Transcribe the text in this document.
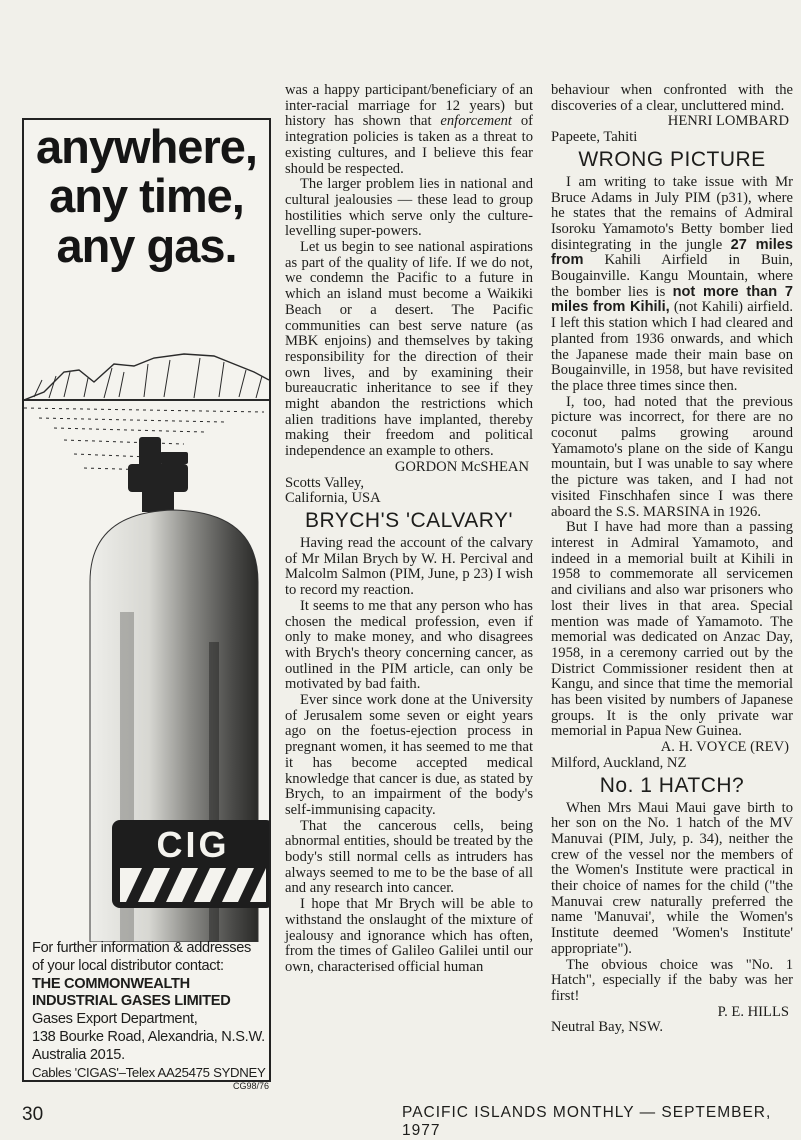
anywhere,
any time,
any gas.
CIG
For further information & addresses
of your local distributor contact:
THE COMMONWEALTH
INDUSTRIAL GASES LIMITED
Gases Export Department,
138 Bourke Road, Alexandria, N.S.W.
Australia 2015.
Cables 'CIGAS'–Telex AA25475 SYDNEY
CG98/76

was a happy participant/beneficiary of an inter-racial marriage for 12 years) but history has shown that enforcement of integration policies is taken as a threat to existing cultures, and I believe this fear should be respected.

The larger problem lies in national and cultural jealousies — these lead to group hostilities which serve only the culture-levelling super-powers.

Let us begin to see national aspirations as part of the quality of life. If we do not, we condemn the Pacific to a future in which an island must become a Waikiki Beach or a desert. The Pacific communities can best serve nature (as MBK enjoins) and themselves by taking responsibility for the direction of their own lives, and by examining their bureaucratic inheritance to see if they might abandon the restrictions which alien traditions have implanted, thereby making their freedom and political independence an example to others.

GORDON McSHEAN

Scotts Valley,

California, USA

BRYCH'S 'CALVARY'

Having read the account of the calvary of Mr Milan Brych by W. H. Percival and Malcolm Salmon (PIM, June, p 23) I wish to record my reaction.

It seems to me that any person who has chosen the medical profession, even if only to make money, and who disagrees with Brych's theory concerning cancer, as outlined in the PIM article, can only be motivated by bad faith.

Ever since work done at the University of Jerusalem some seven or eight years ago on the foetus-ejection process in pregnant women, it has seemed to me that it has become accepted medical knowledge that cancer is due, as stated by Brych, to an impairment of the body's self-immunising capacity.

That the cancerous cells, being abnormal entities, should be treated by the body's still normal cells as intruders has always seemed to me to be the base of all and any research into cancer.

I hope that Mr Brych will be able to withstand the onslaught of the mixture of jealousy and ignorance which has often, from the times of Galileo Galilei until our own, characterised official human

behaviour when confronted with the discoveries of a clear, uncluttered mind.

HENRI LOMBARD

Papeete, Tahiti

WRONG PICTURE

I am writing to take issue with Mr Bruce Adams in July PIM (p31), where he states that the remains of Admiral Isoroku Yamamoto's Betty bomber lied disintegrating in the jungle 27 miles from Kahili Airfield in Buin, Bougainville. Kangu Mountain, where the bomber lies is not more than 7 miles from Kihili, (not Kahili) airfield. I left this station which I had cleared and planted from 1936 onwards, and which the Japanese made their main base on Bougainville, in 1958, but have revisited the place three times since then.

I, too, had noted that the previous picture was incorrect, for there are no coconut palms growing around Yamamoto's plane on the side of Kangu mountain, but I was unable to say where the picture was taken, and I had not visited Finschhafen since I was there aboard the S.S. MARSINA in 1926.

But I have had more than a passing interest in Admiral Yamamoto, and indeed in a memorial built at Kihili in 1958 to commemorate all servicemen and civilians and also war prisoners who lost their lives in that area. Special mention was made of Yamamoto. The memorial was dedicated on Anzac Day, 1958, in a ceremony carried out by the District Commissioner resident then at Kangu, and since that time the memorial has been visited by numbers of Japanese groups. It is the only private war memorial in Papua New Guinea.

A. H. VOYCE (REV)

Milford, Auckland, NZ

No. 1 HATCH?

When Mrs Maui Maui gave birth to her son on the No. 1 hatch of the MV Manuvai (PIM, July, p. 34), neither the crew of the vessel nor the members of the Women's Institute were practical in their choice of names for the child ("the Manuvai crew naturally preferred the name 'Manuvai', while the Women's Institute deemed 'Women's Institute' appropriate").

The obvious choice was "No. 1 Hatch", especially if the baby was her first!

P. E. HILLS

Neutral Bay, NSW.

30	PACIFIC ISLANDS MONTHLY — SEPTEMBER, 1977
